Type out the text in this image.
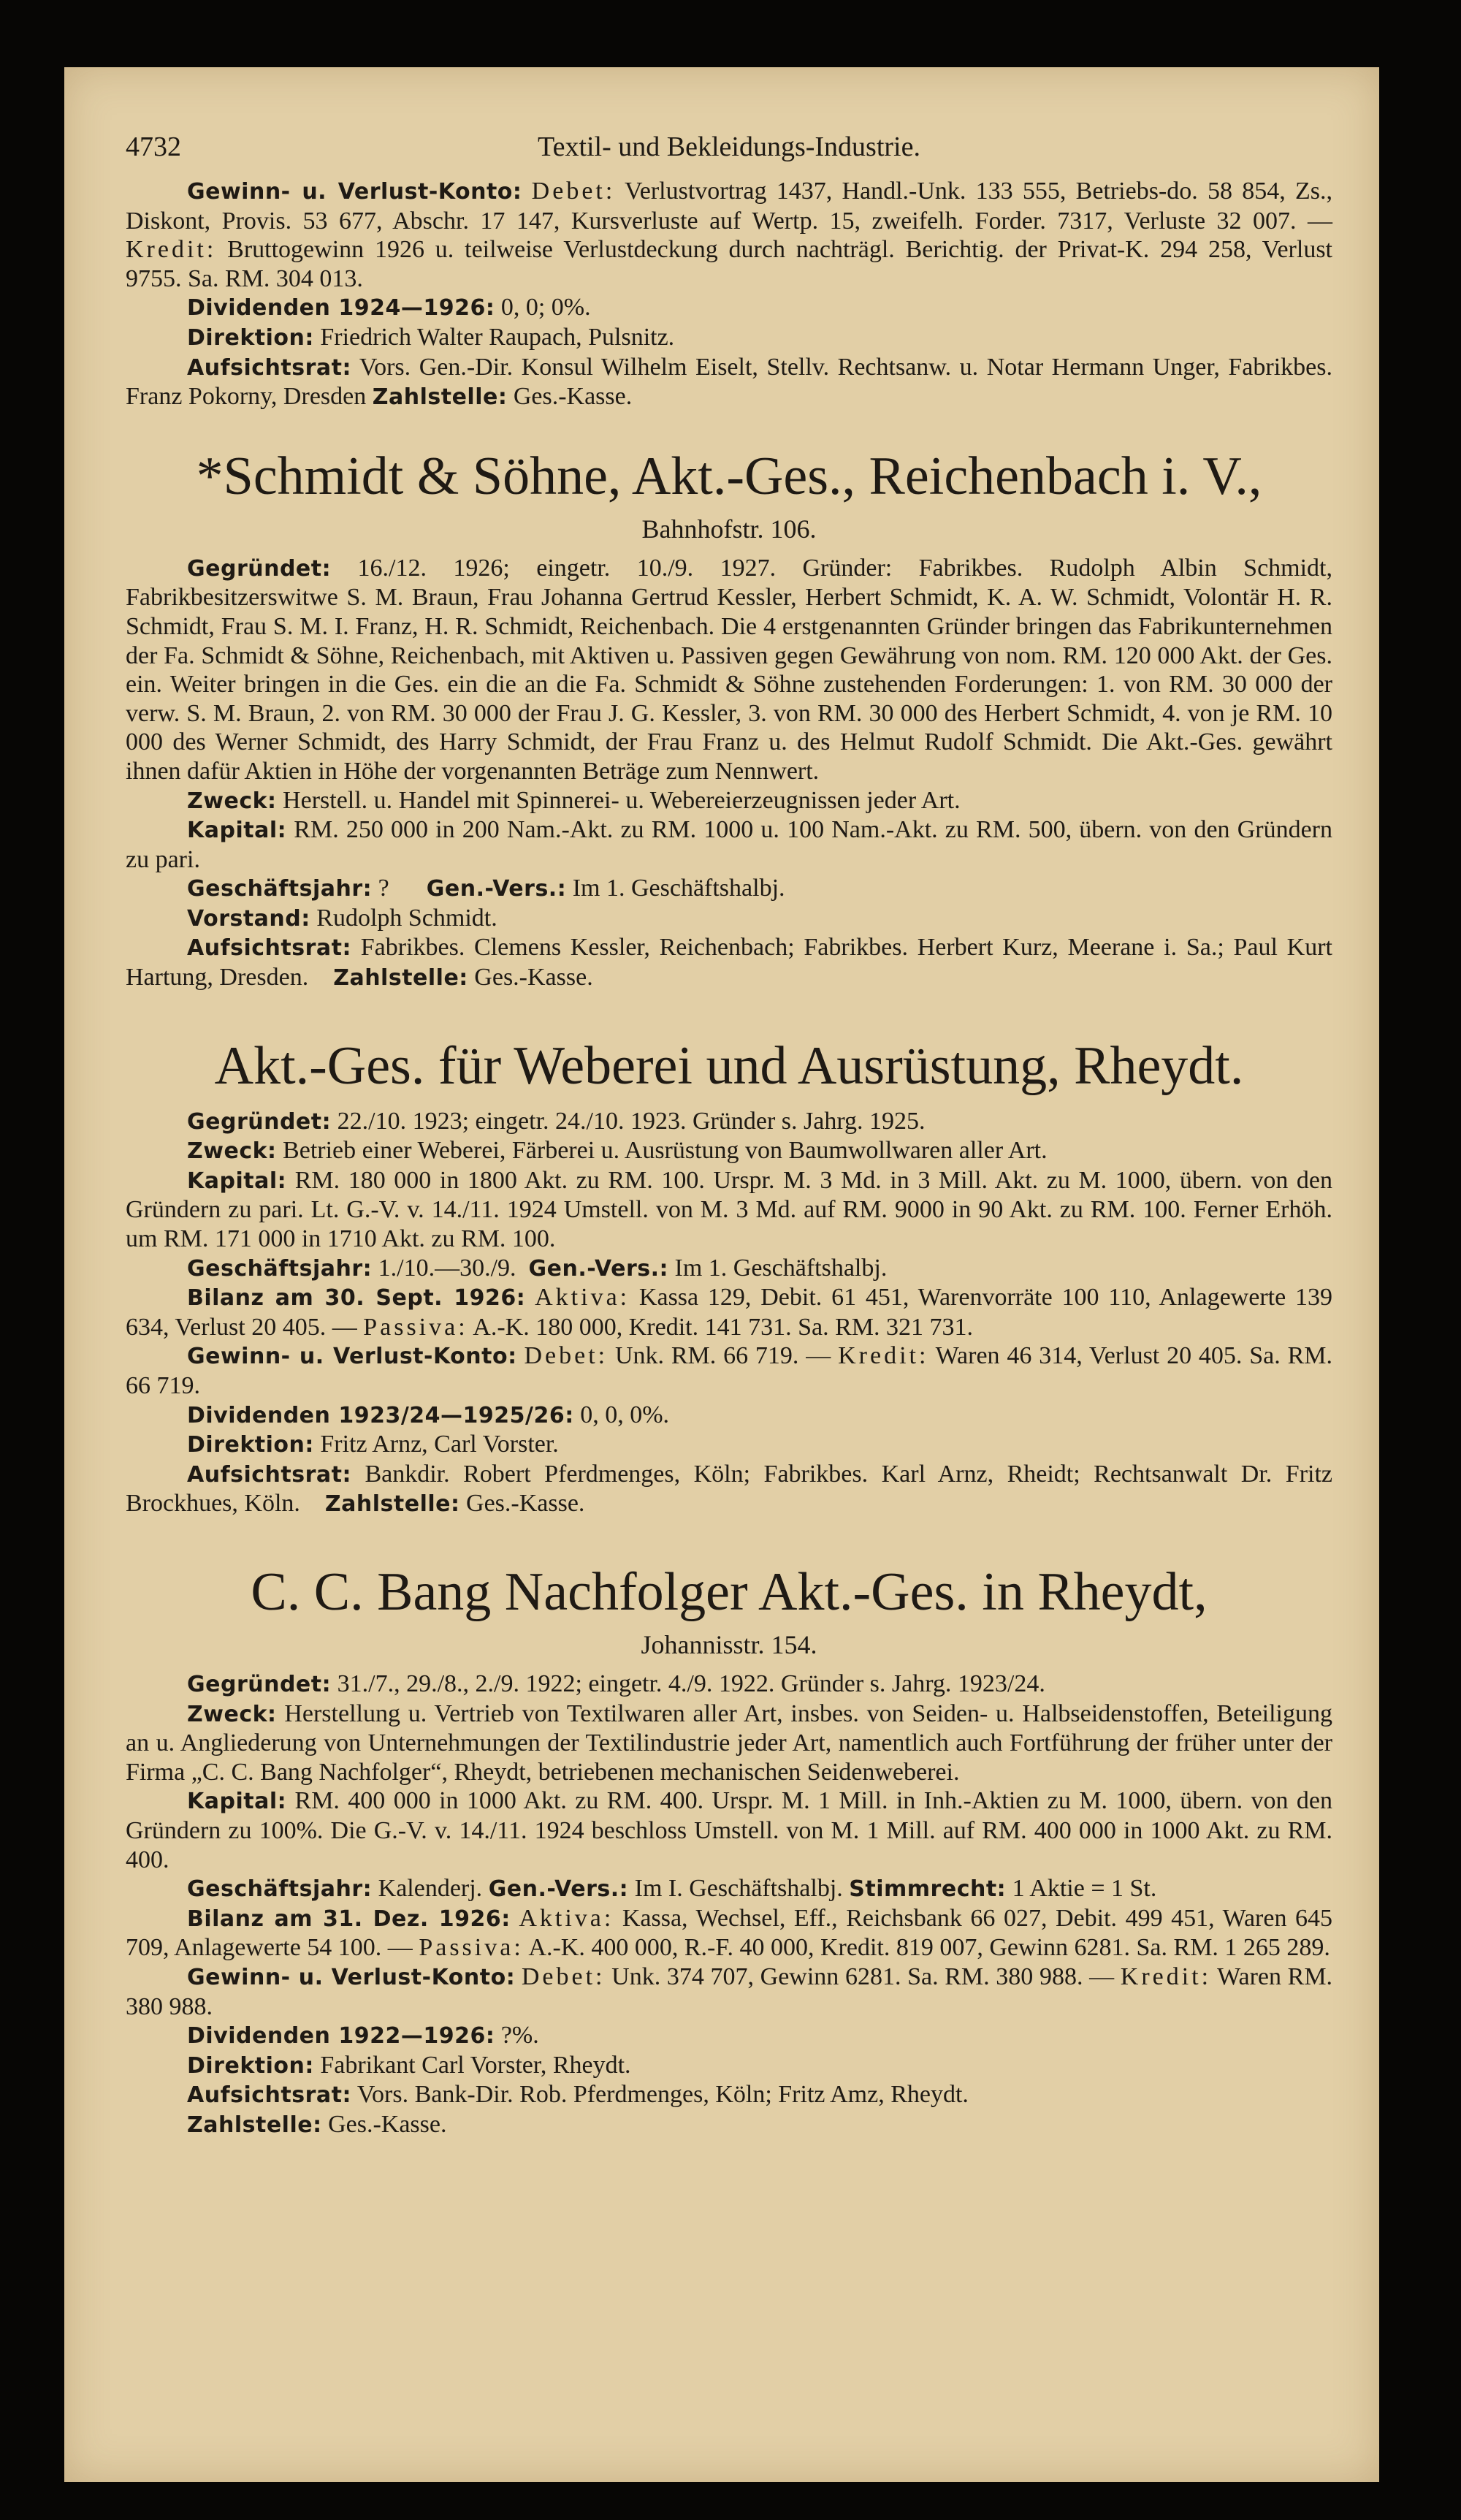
4732	Textil- und Bekleidungs-Industrie.

Gewinn- u. Verlust-Konto: Debet: Verlustvortrag 1437, Handl.-Unk. 133 555, Betriebs-do. 58 854, Zs., Diskont, Provis. 53 677, Abschr. 17 147, Kursverluste auf Wertp. 15, zweifelh. Forder. 7317, Verluste 32 007. — Kredit: Bruttogewinn 1926 u. teilweise Verlustdeckung durch nachträgl. Berichtig. der Privat-K. 294 258, Verlust 9755. Sa. RM. 304 013.

Dividenden 1924—1926: 0, 0; 0%.

Direktion: Friedrich Walter Raupach, Pulsnitz.

Aufsichtsrat: Vors. Gen.-Dir. Konsul Wilhelm Eiselt, Stellv. Rechtsanw. u. Notar Hermann Unger, Fabrikbes. Franz Pokorny, Dresden Zahlstelle: Ges.-Kasse.

*Schmidt & Söhne, Akt.-Ges., Reichenbach i. V.,
Bahnhofstr. 106.

Gegründet: 16./12. 1926; eingetr. 10./9. 1927. Gründer: Fabrikbes. Rudolph Albin Schmidt, Fabrikbesitzerswitwe S. M. Braun, Frau Johanna Gertrud Kessler, Herbert Schmidt, K. A. W. Schmidt, Volontär H. R. Schmidt, Frau S. M. I. Franz, H. R. Schmidt, Reichenbach. Die 4 erstgenannten Gründer bringen das Fabrikunternehmen der Fa. Schmidt & Söhne, Reichenbach, mit Aktiven u. Passiven gegen Gewährung von nom. RM. 120 000 Akt. der Ges. ein. Weiter bringen in die Ges. ein die an die Fa. Schmidt & Söhne zustehenden Forderungen: 1. von RM. 30 000 der verw. S. M. Braun, 2. von RM. 30 000 der Frau J. G. Kessler, 3. von RM. 30 000 des Herbert Schmidt, 4. von je RM. 10 000 des Werner Schmidt, des Harry Schmidt, der Frau Franz u. des Helmut Rudolf Schmidt. Die Akt.-Ges. gewährt ihnen dafür Aktien in Höhe der vorgenannten Beträge zum Nennwert.

Zweck: Herstell. u. Handel mit Spinnerei- u. Webereierzeugnissen jeder Art.

Kapital: RM. 250 000 in 200 Nam.-Akt. zu RM. 1000 u. 100 Nam.-Akt. zu RM. 500, übern. von den Gründern zu pari.

Geschäftsjahr: ? Gen.-Vers.: Im 1. Geschäftshalbj.

Vorstand: Rudolph Schmidt.

Aufsichtsrat: Fabrikbes. Clemens Kessler, Reichenbach; Fabrikbes. Herbert Kurz, Meerane i. Sa.; Paul Kurt Hartung, Dresden. Zahlstelle: Ges.-Kasse.

Akt.-Ges. für Weberei und Ausrüstung, Rheydt.

Gegründet: 22./10. 1923; eingetr. 24./10. 1923. Gründer s. Jahrg. 1925.

Zweck: Betrieb einer Weberei, Färberei u. Ausrüstung von Baumwollwaren aller Art.

Kapital: RM. 180 000 in 1800 Akt. zu RM. 100. Urspr. M. 3 Md. in 3 Mill. Akt. zu M. 1000, übern. von den Gründern zu pari. Lt. G.-V. v. 14./11. 1924 Umstell. von M. 3 Md. auf RM. 9000 in 90 Akt. zu RM. 100. Ferner Erhöh. um RM. 171 000 in 1710 Akt. zu RM. 100.

Geschäftsjahr: 1./10.—30./9. Gen.-Vers.: Im 1. Geschäftshalbj.

Bilanz am 30. Sept. 1926: Aktiva: Kassa 129, Debit. 61 451, Warenvorräte 100 110, Anlagewerte 139 634, Verlust 20 405. — Passiva: A.-K. 180 000, Kredit. 141 731. Sa. RM. 321 731.

Gewinn- u. Verlust-Konto: Debet: Unk. RM. 66 719. — Kredit: Waren 46 314, Verlust 20 405. Sa. RM. 66 719.

Dividenden 1923/24—1925/26: 0, 0, 0%.

Direktion: Fritz Arnz, Carl Vorster.

Aufsichtsrat: Bankdir. Robert Pferdmenges, Köln; Fabrikbes. Karl Arnz, Rheidt; Rechtsanwalt Dr. Fritz Brockhues, Köln. Zahlstelle: Ges.-Kasse.

C. C. Bang Nachfolger Akt.-Ges. in Rheydt,
Johannisstr. 154.

Gegründet: 31./7., 29./8., 2./9. 1922; eingetr. 4./9. 1922. Gründer s. Jahrg. 1923/24.

Zweck: Herstellung u. Vertrieb von Textilwaren aller Art, insbes. von Seiden- u. Halbseidenstoffen, Beteiligung an u. Angliederung von Unternehmungen der Textilindustrie jeder Art, namentlich auch Fortführung der früher unter der Firma „C. C. Bang Nachfolger“, Rheydt, betriebenen mechanischen Seidenweberei.

Kapital: RM. 400 000 in 1000 Akt. zu RM. 400. Urspr. M. 1 Mill. in Inh.-Aktien zu M. 1000, übern. von den Gründern zu 100%. Die G.-V. v. 14./11. 1924 beschloss Umstell. von M. 1 Mill. auf RM. 400 000 in 1000 Akt. zu RM. 400.

Geschäftsjahr: Kalenderj. Gen.-Vers.: Im I. Geschäftshalbj. Stimmrecht: 1 Aktie = 1 St.

Bilanz am 31. Dez. 1926: Aktiva: Kassa, Wechsel, Eff., Reichsbank 66 027, Debit. 499 451, Waren 645 709, Anlagewerte 54 100. — Passiva: A.-K. 400 000, R.-F. 40 000, Kredit. 819 007, Gewinn 6281. Sa. RM. 1 265 289.

Gewinn- u. Verlust-Konto: Debet: Unk. 374 707, Gewinn 6281. Sa. RM. 380 988. — Kredit: Waren RM. 380 988.

Dividenden 1922—1926: ?%.

Direktion: Fabrikant Carl Vorster, Rheydt.

Aufsichtsrat: Vors. Bank-Dir. Rob. Pferdmenges, Köln; Fritz Amz, Rheydt.

Zahlstelle: Ges.-Kasse.
